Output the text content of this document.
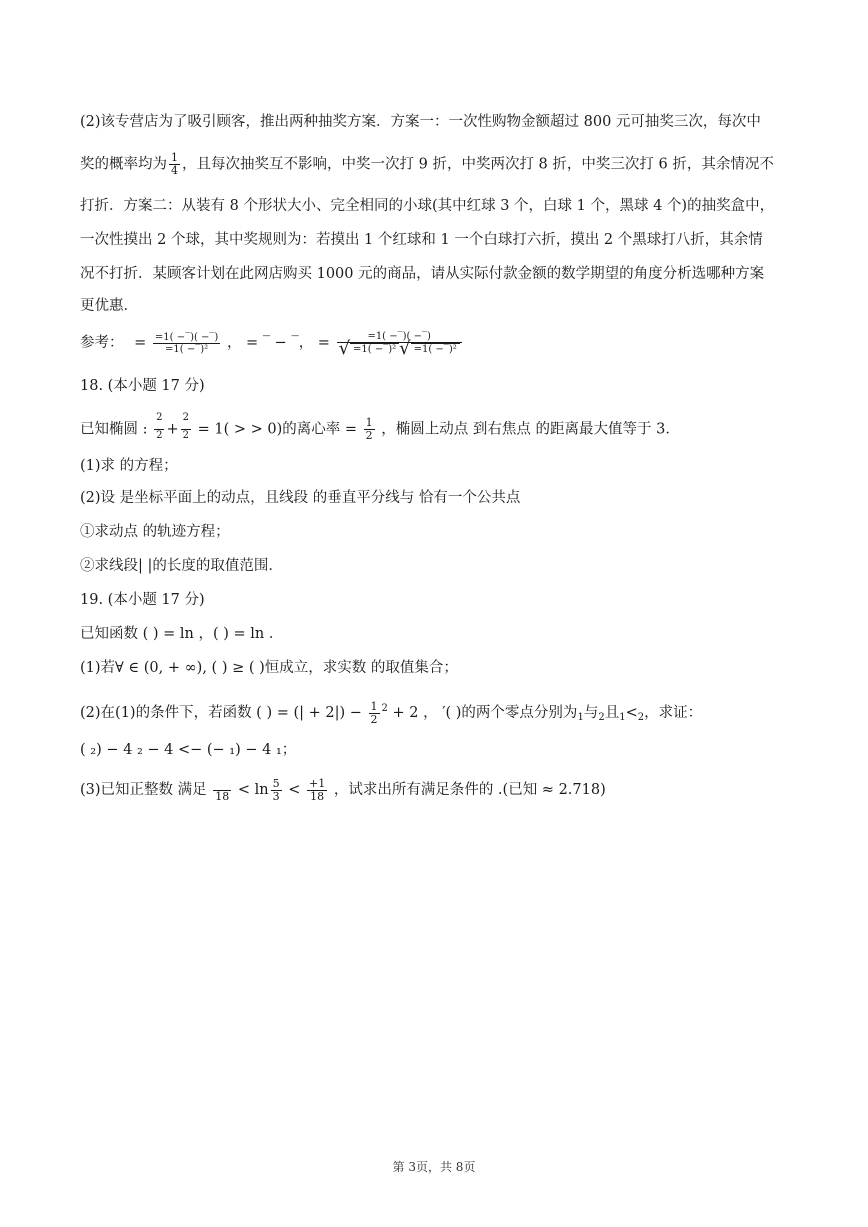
(2)该专营店为了吸引顾客，推出两种抽奖方案．方案一：一次性购物金额超过 800 元可抽奖三次，每次中
奖的概率均为 $\frac{1}{4}$ ，且每次抽奖互不影响，中奖一次打 9 折，中奖两次打 8 折，中奖三次打 6 折，其余情况不
打折．方案二：从装有 8 个形状大小、完全相同的小球(其中红球 3 个，白球 1 个，黑球 4 个)的抽奖盒中，
一次性摸出 2 个球，其中奖规则为：若摸出 1 个红球和 1 一个白球打六折，摸出 2 个黑球打八折，其余情
况不打折．某顾客计划在此网店购买 1000 元的商品，请从实际付款金额的数学期望的角度分析选哪种方案
更优惠．
参考： = $\frac{=1( -‾)( -‾)}{\text{=1( −‾)²}}$ ， = ‾ − ‾， = $\frac{=1( -‾)( -‾)}{\text{√ =1( −‾)² √ =1( −‾)²}}$
18. (本小题 17 分)
已知椭圆 : $\frac{2}{2} + \frac{2}{2} = 1$( > > 0)的离心率 = $\frac{1}{2}$ ，椭圆上动点 到右焦点 的距离最大值等于 3．
(1)求 的方程；
(2)设 是坐标平面上的动点，且线段 的垂直平分线与 恰有一个公共点
①求动点 的轨迹方程；
②求线段| |的长度的取值范围．
19. (本小题 17 分)
已知函数 ( ) = ln ，( ) = ln ．
(1)若∀ ∈ (0, + ∞), ( ) ≥ ( )恒成立，求实数 的取值集合；
(2)在(1)的条件下，若函数 ( ) = (| + $2|) - \frac{1}{2} ^2 + 2$ ， ′( )的两个零点分别为$_1$与$_2$且$_1<_2$，求证：
( ₂) − 4 ₂ − 4 <− (− ₁) − 4 ₁；
(3)已知正整数 满足
$18 < \ln \frac{5}{3} < \frac{+1}{18}$ ，试求出所有满足条件的 .(已知 ≈ 2.718)
第 3页，共 8页
